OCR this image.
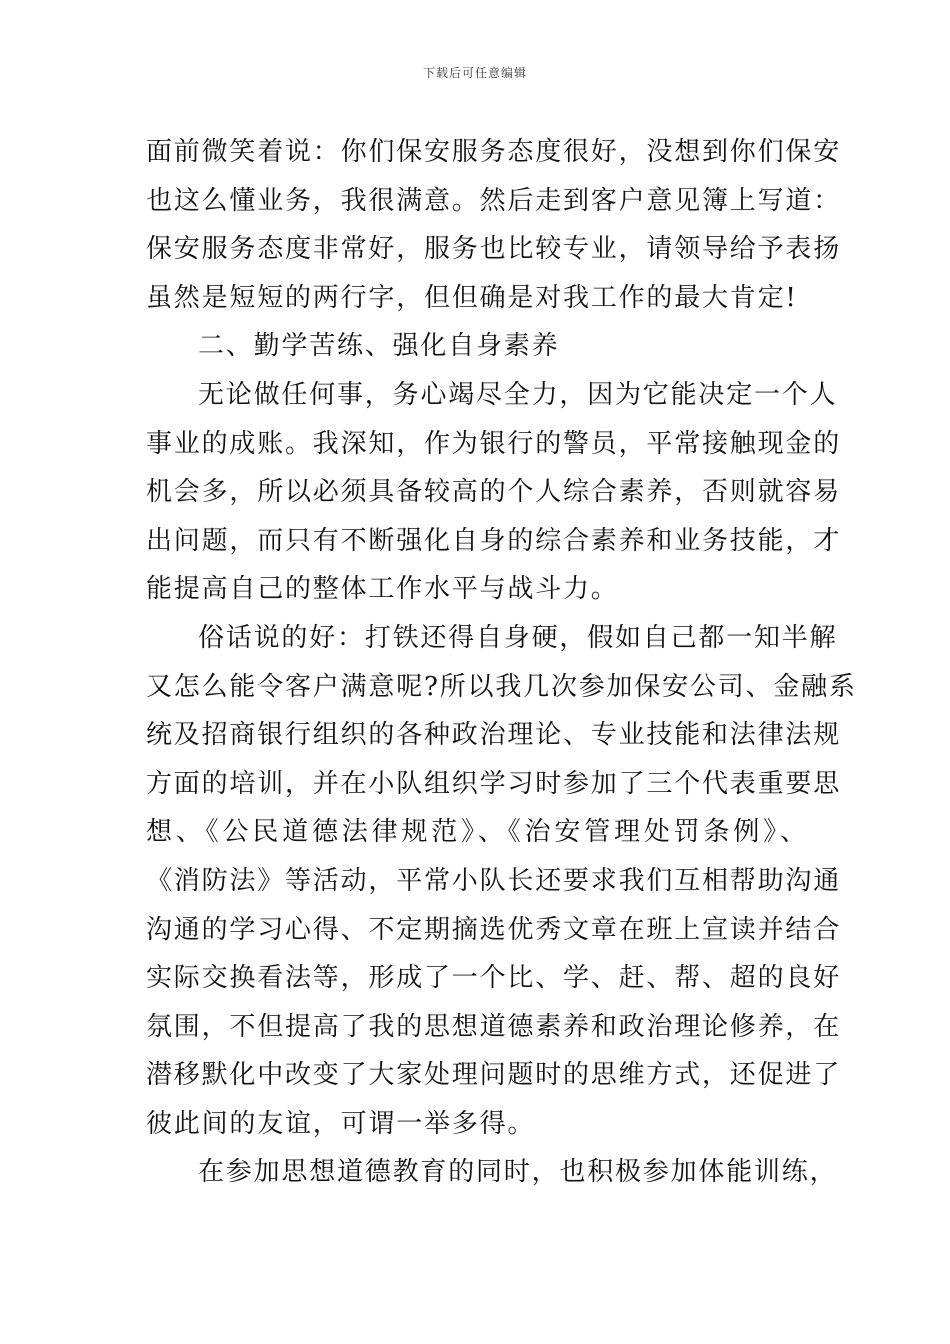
下载后可任意编辑
面前微笑着说：你们保安服务态度很好，没想到你们保安
也这么懂业务，我很满意。然后走到客户意见簿上写道：
保安服务态度非常好，服务也比较专业，请领导给予表扬
虽然是短短的两行字，但但确是对我工作的最大肯定!
二、勤学苦练、强化自身素养
无论做任何事，务心竭尽全力，因为它能决定一个人
事业的成账。我深知，作为银行的警员，平常接触现金的
机会多，所以必须具备较高的个人综合素养，否则就容易
出问题，而只有不断强化自身的综合素养和业务技能，才
能提高自己的整体工作水平与战斗力。
俗话说的好：打铁还得自身硬，假如自己都一知半解
又怎么能令客户满意呢?所以我几次参加保安公司、金融系
统及招商银行组织的各种政治理论、专业技能和法律法规
方面的培训，并在小队组织学习时参加了三个代表重要思
想、《公民道德法律规范》、《治安管理处罚条例》、
《消防法》等活动，平常小队长还要求我们互相帮助沟通
沟通的学习心得、不定期摘选优秀文章在班上宣读并结合
实际交换看法等，形成了一个比、学、赶、帮、超的良好
氛围，不但提高了我的思想道德素养和政治理论修养，在
潜移默化中改变了大家处理问题时的思维方式，还促进了
彼此间的友谊，可谓一举多得。
在参加思想道德教育的同时，也积极参加体能训练，
